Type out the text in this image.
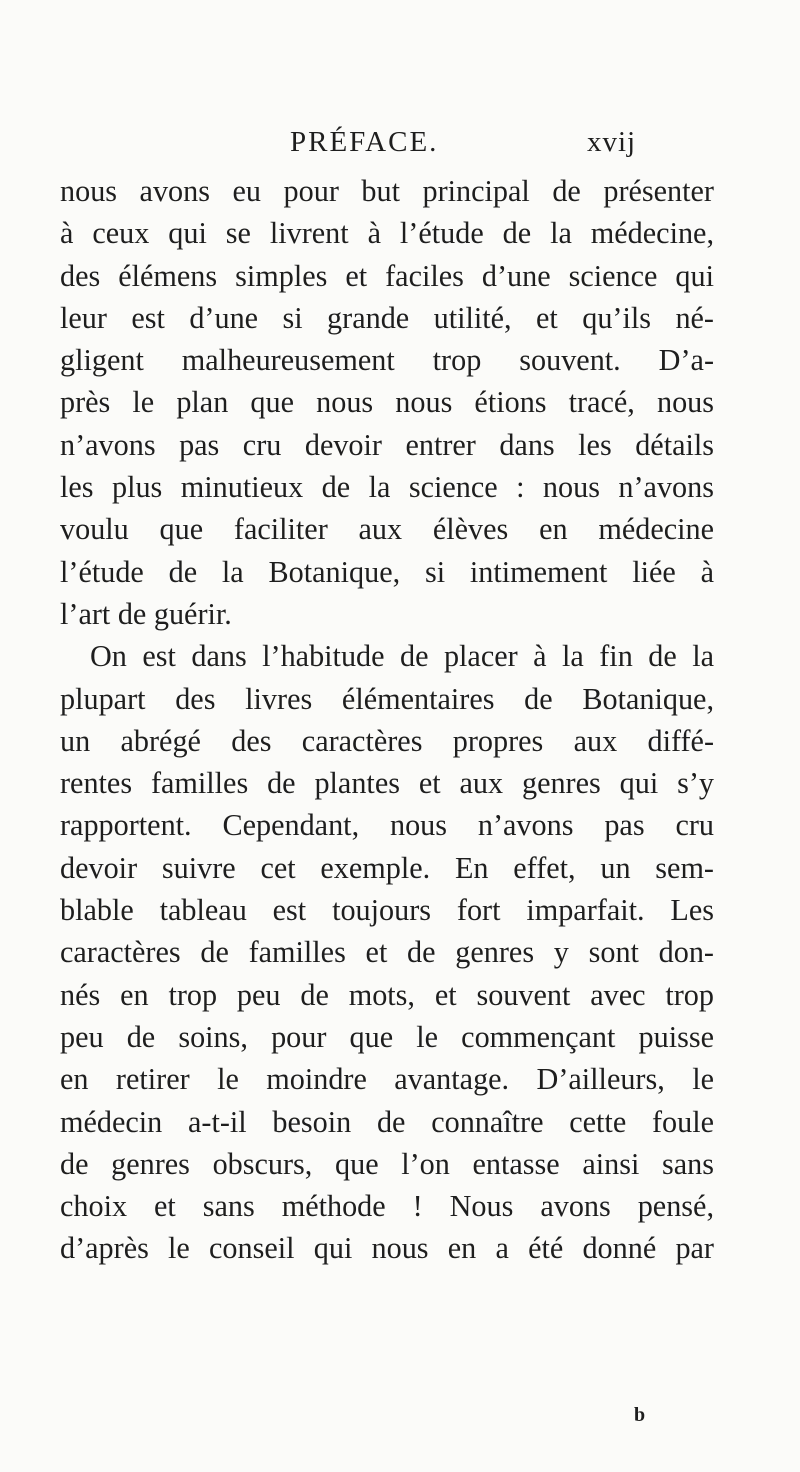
PRÉFACE.	xvij
nous avons eu pour but principal de présenter
à ceux qui se livrent à l’étude de la médecine,
des élémens simples et faciles d’une science qui
leur est d’une si grande utilité, et qu’ils né-
gligent malheureusement trop souvent. D’a-
près le plan que nous nous étions tracé, nous
n’avons pas cru devoir entrer dans les détails
les plus minutieux de la science : nous n’avons
voulu que faciliter aux élèves en médecine
l’étude de la Botanique, si intimement liée à
l’art de guérir.
On est dans l’habitude de placer à la fin de la
plupart des livres élémentaires de Botanique,
un abrégé des caractères propres aux diffé-
rentes familles de plantes et aux genres qui s’y
rapportent. Cependant, nous n’avons pas cru
devoir suivre cet exemple. En effet, un sem-
blable tableau est toujours fort imparfait. Les
caractères de familles et de genres y sont don-
nés en trop peu de mots, et souvent avec trop
peu de soins, pour que le commençant puisse
en retirer le moindre avantage. D’ailleurs, le
médecin a-t-il besoin de connaître cette foule
de genres obscurs, que l’on entasse ainsi sans
choix et sans méthode ! Nous avons pensé,
d’après le conseil qui nous en a été donné par
b
